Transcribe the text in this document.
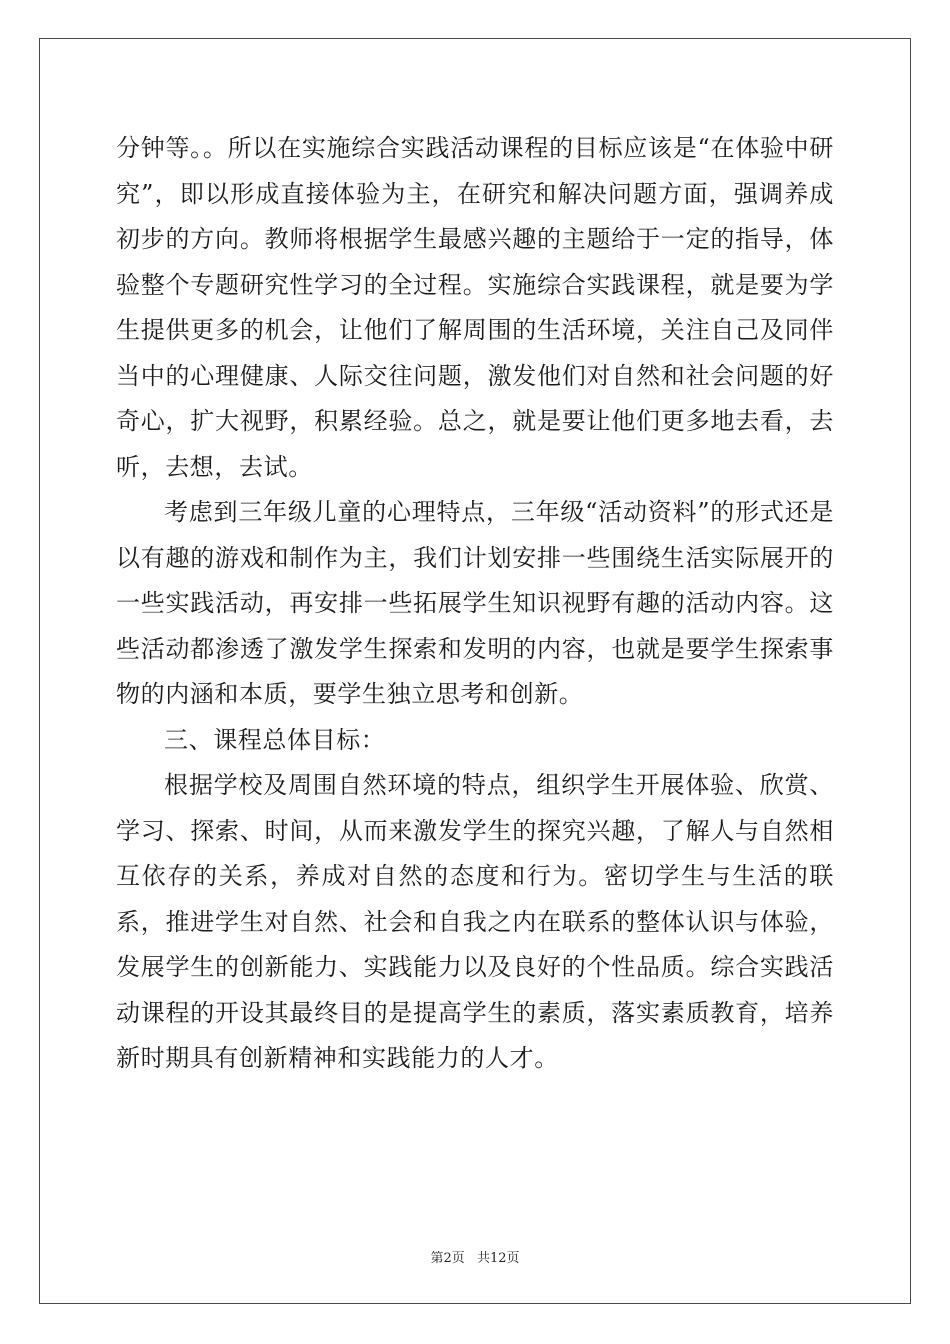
分钟等。。所以在实施综合实践活动课程的目标应该是“在体验中研究”，即以形成直接体验为主，在研究和解决问题方面，强调养成初步的方向。教师将根据学生最感兴趣的主题给于一定的指导，体验整个专题研究性学习的全过程。实施综合实践课程，就是要为学生提供更多的机会，让他们了解周围的生活环境，关注自己及同伴当中的心理健康、人际交往问题，激发他们对自然和社会问题的好奇心，扩大视野，积累经验。总之，就是要让他们更多地去看，去听，去想，去试。

考虑到三年级儿童的心理特点，三年级“活动资料”的形式还是以有趣的游戏和制作为主，我们计划安排一些围绕生活实际展开的一些实践活动，再安排一些拓展学生知识视野有趣的活动内容。这些活动都渗透了激发学生探索和发明的内容，也就是要学生探索事物的内涵和本质，要学生独立思考和创新。

三、课程总体目标：

根据学校及周围自然环境的特点，组织学生开展体验、欣赏、学习、探索、时间，从而来激发学生的探究兴趣，了解人与自然相互依存的关系，养成对自然的态度和行为。密切学生与生活的联系，推进学生对自然、社会和自我之内在联系的整体认识与体验，发展学生的创新能力、实践能力以及良好的个性品质。综合实践活动课程的开设其最终目的是提高学生的素质，落实素质教育，培养新时期具有创新精神和实践能力的人才。

第2页 共12页
